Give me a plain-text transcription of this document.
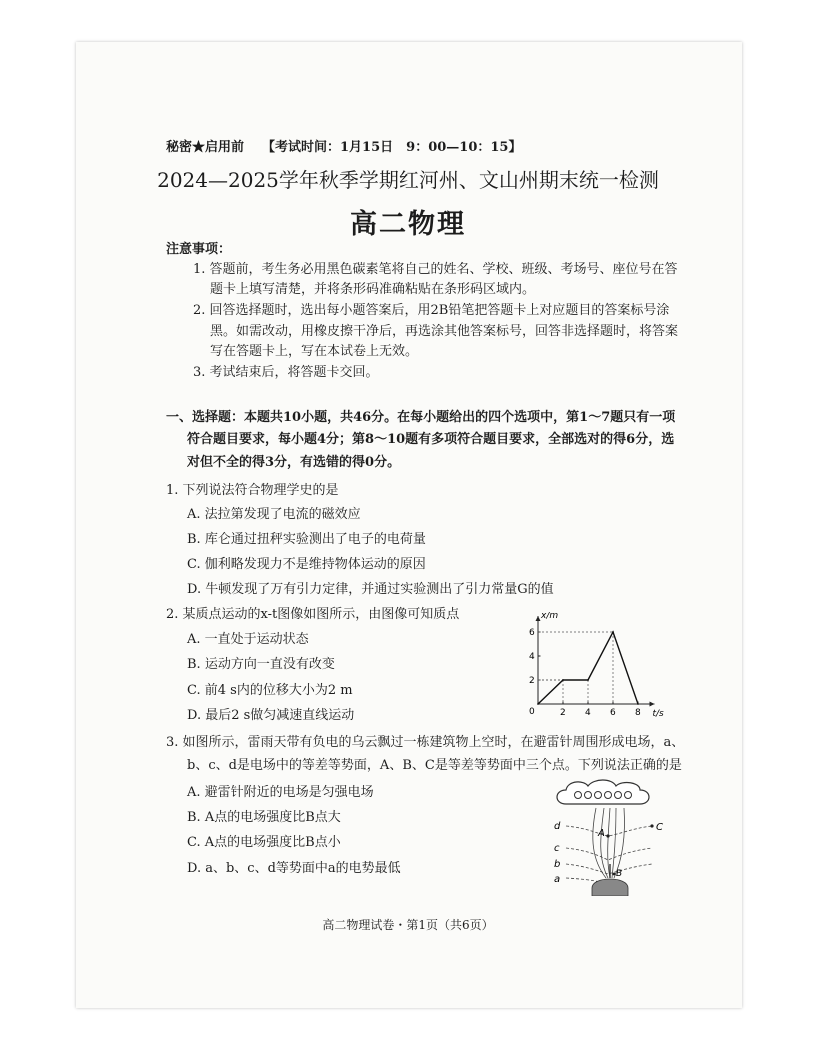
秘密★启用前 【考试时间：1月15日　9：00—10：15】
2024—2025学年秋季学期红河州、文山州期末统一检测
高二物理
注意事项：
1. 答题前，考生务必用黑色碳素笔将自己的姓名、学校、班级、考场号、座位号在答
题卡上填写清楚，并将条形码准确粘贴在条形码区域内。
2. 回答选择题时，选出每小题答案后，用2B铅笔把答题卡上对应题目的答案标号涂
黑。如需改动，用橡皮擦干净后，再选涂其他答案标号，回答非选择题时，将答案
写在答题卡上，写在本试卷上无效。
3. 考试结束后，将答题卡交回。
一、选择题：本题共10小题，共46分。在每小题给出的四个选项中，第1～7题只有一项
符合题目要求，每小题4分；第8～10题有多项符合题目要求，全部选对的得6分，选
对但不全的得3分，有选错的得0分。
1. 下列说法符合物理学史的是
A. 法拉第发现了电流的磁效应
B. 库仑通过扭秤实验测出了电子的电荷量
C. 伽利略发现力不是维持物体运动的原因
D. 牛顿发现了万有引力定律，并通过实验测出了引力常量G的值
2. 某质点运动的x-t图像如图所示，由图像可知质点
A. 一直处于运动状态
B. 运动方向一直没有改变
C. 前4 s内的位移大小为2 m
D. 最后2 s做匀减速直线运动	t/s
x/m
0	2 4 6 8
2
4
6
3. 如图所示，雷雨天带有负电的乌云飘过一栋建筑物上空时，在避雷针周围形成电场，a、
b、c、d是电场中的等差等势面，A、B、C是等差等势面中三个点。下列说法正确的是
A. 避雷针附近的电场是匀强电场
B. A点的电场强度比B点大
C. A点的电场强度比B点小
D. a、b、c、d等势面中a的电势最低
d
c
b
a
A
C
B
高二物理试卷・第1页（共6页）
